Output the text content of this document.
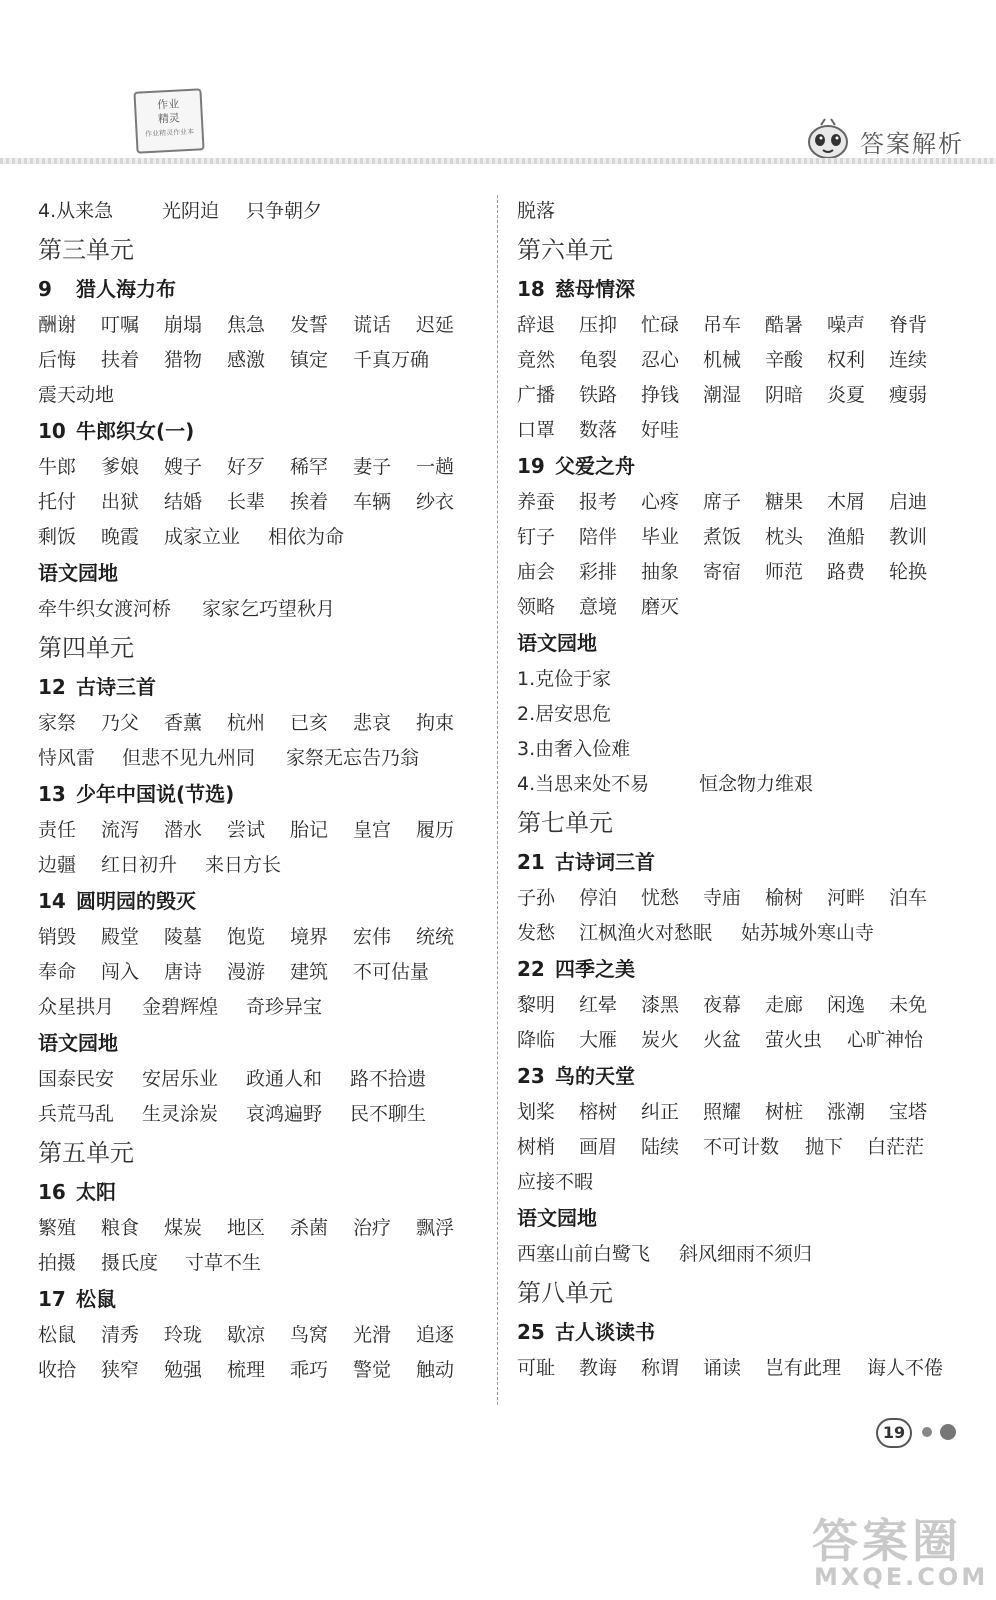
作业
精灵
作业精灵作业本	答案解析
4.从来急	光阴迫 只争朝夕
第三单元
9 猎人海力布
酬谢 叮嘱 崩塌 焦急 发誓 谎话 迟延
后悔 扶着 猎物 感激 镇定 千真万确
震天动地
10 牛郎织女(一)
牛郎 爹娘 嫂子 好歹 稀罕 妻子 一趟
托付 出狱 结婚 长辈 挨着 车辆 纱衣
剩饭 晚霞 成家立业 相依为命
语文园地
牵牛织女渡河桥 家家乞巧望秋月
第四单元
12 古诗三首
家祭 乃父 香薰 杭州 已亥 悲哀 拘束
恃风雷 但悲不见九州同 家祭无忘告乃翁
13 少年中国说(节选)
责任 流泻 潜水 尝试 胎记 皇宫 履历
边疆 红日初升 来日方长
14 圆明园的毁灭
销毁 殿堂 陵墓 饱览 境界 宏伟 统统
奉命 闯入 唐诗 漫游 建筑 不可估量
众星拱月 金碧辉煌 奇珍异宝
语文园地
国泰民安 安居乐业 政通人和 路不拾遗
兵荒马乱 生灵涂炭 哀鸿遍野 民不聊生
第五单元
16 太阳
繁殖 粮食 煤炭 地区 杀菌 治疗 飘浮
拍摄 摄氏度 寸草不生
17 松鼠
松鼠 清秀 玲珑 歇凉 鸟窝 光滑 追逐
收拾 狭窄 勉强 梳理 乖巧 警觉 触动
脱落
第六单元
18 慈母情深
辞退 压抑 忙碌 吊车 酷暑 噪声 脊背
竟然 龟裂 忍心 机械 辛酸 权利 连续
广播 铁路 挣钱 潮湿 阴暗 炎夏 瘦弱
口罩 数落 好哇
19 父爱之舟
养蚕 报考 心疼 席子 糖果 木屑 启迪
钉子 陪伴 毕业 煮饭 枕头 渔船 教训
庙会 彩排 抽象 寄宿 师范 路费 轮换
领略 意境 磨灭
语文园地
1.克俭于家
2.居安思危
3.由奢入俭难
4.当思来处不易	恒念物力维艰
第七单元
21 古诗词三首
子孙 停泊 忧愁 寺庙 榆树 河畔 泊车
发愁 江枫渔火对愁眠 姑苏城外寒山寺
22 四季之美
黎明 红晕 漆黑 夜幕 走廊 闲逸 未免
降临 大雁 炭火 火盆 萤火虫 心旷神怡
23 鸟的天堂
划桨 榕树 纠正 照耀 树桩 涨潮 宝塔
树梢 画眉 陆续 不可计数 抛下 白茫茫
应接不暇
语文园地
西塞山前白鹭飞 斜风细雨不须归
第八单元
25 古人谈读书
可耻 教诲 称谓 诵读 岂有此理 诲人不倦
19
答案圈
MXQE.COM
